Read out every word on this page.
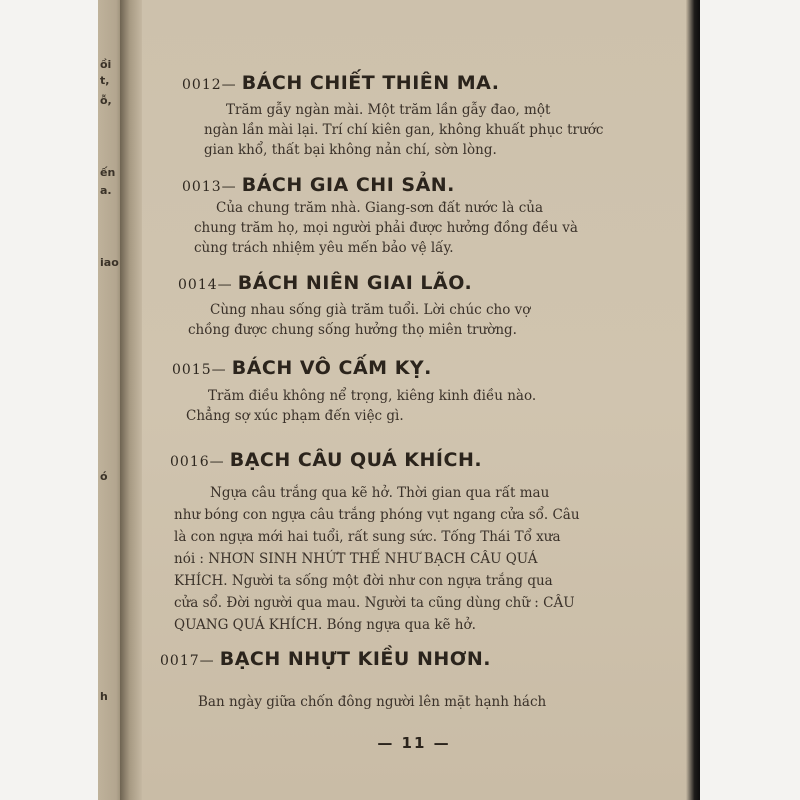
ồi
t,
ỗ,
ến
a.
iao
ó
h
0012— BÁCH CHIẾT THIÊN MA.
Trăm gẫy ngàn mài. Một trăm lần gẫy đao, một
ngàn lần mài lại. Trí chí kiên gan, không khuất phục trước
gian khổ, thất bại không nản chí, sờn lòng.
0013— BÁCH GIA CHI SẢN.
Của chung trăm nhà. Giang-sơn đất nước là của
chung trăm họ, mọi người phải được hưởng đồng đều và
cùng trách nhiệm yêu mến bảo vệ lấy.
0014— BÁCH NIÊN GIAI LÃO.
Cùng nhau sống già trăm tuổi. Lời chúc cho vợ
chồng được chung sống hưởng thọ miên trường.
0015— BÁCH VÔ CẤM KỴ.
Trăm điều không nể trọng, kiêng kinh điều nào.
Chẳng sợ xúc phạm đến việc gì.
0016— BẠCH CÂU QUÁ KHÍCH.
Ngựa câu trắng qua kẽ hở. Thời gian qua rất mau
như bóng con ngựa câu trắng phóng vụt ngang cửa sổ. Câu
là con ngựa mới hai tuổi, rất sung sức. Tống Thái Tổ xưa
nói : NHƠN SINH NHỨT THẾ NHƯ BẠCH CÂU QUÁ
KHÍCH. Người ta sống một đời như con ngựa trắng qua
cửa sổ. Đời người qua mau. Người ta cũng dùng chữ : CÂU
QUANG QUÁ KHÍCH. Bóng ngựa qua kẽ hở.
0017— BẠCH NHỰT KIỀU NHƠN.
Ban ngày giữa chốn đông người lên mặt hạnh hách
— 11 —
